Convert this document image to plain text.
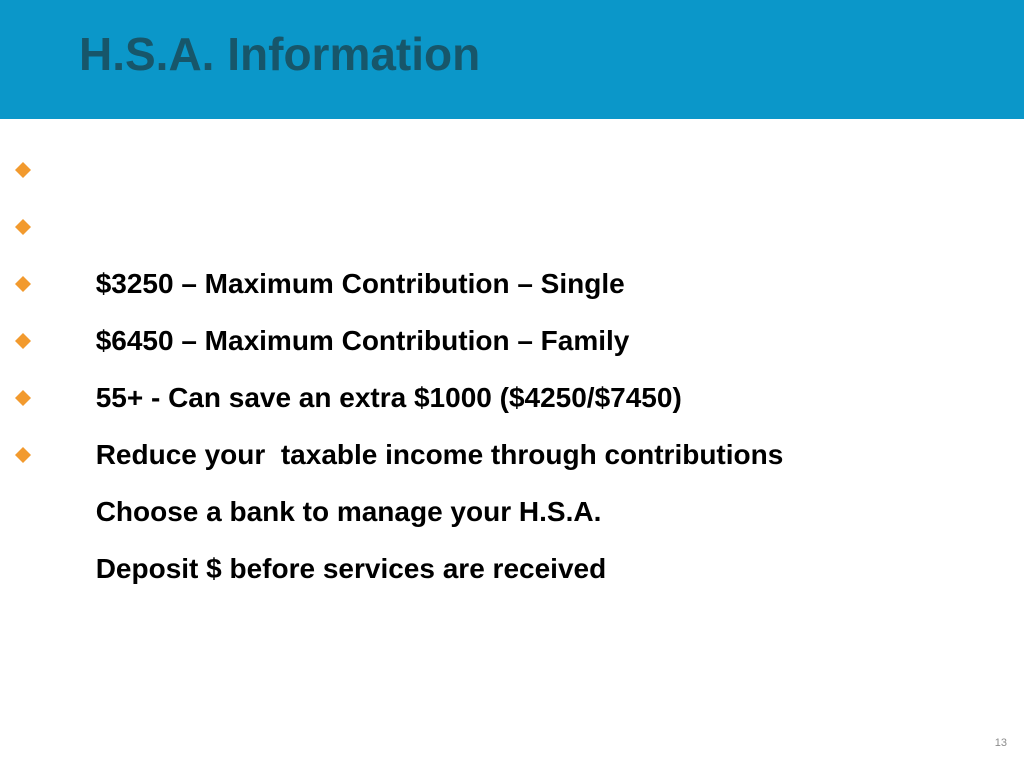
H.S.A. Information

$3250 – Maximum Contribution – Single

$6450 – Maximum Contribution – Family

55+ - Can save an extra $1000 ($4250/$7450)

Reduce your  taxable income through contributions

Choose a bank to manage your H.S.A.

Deposit $ before services are received

13
